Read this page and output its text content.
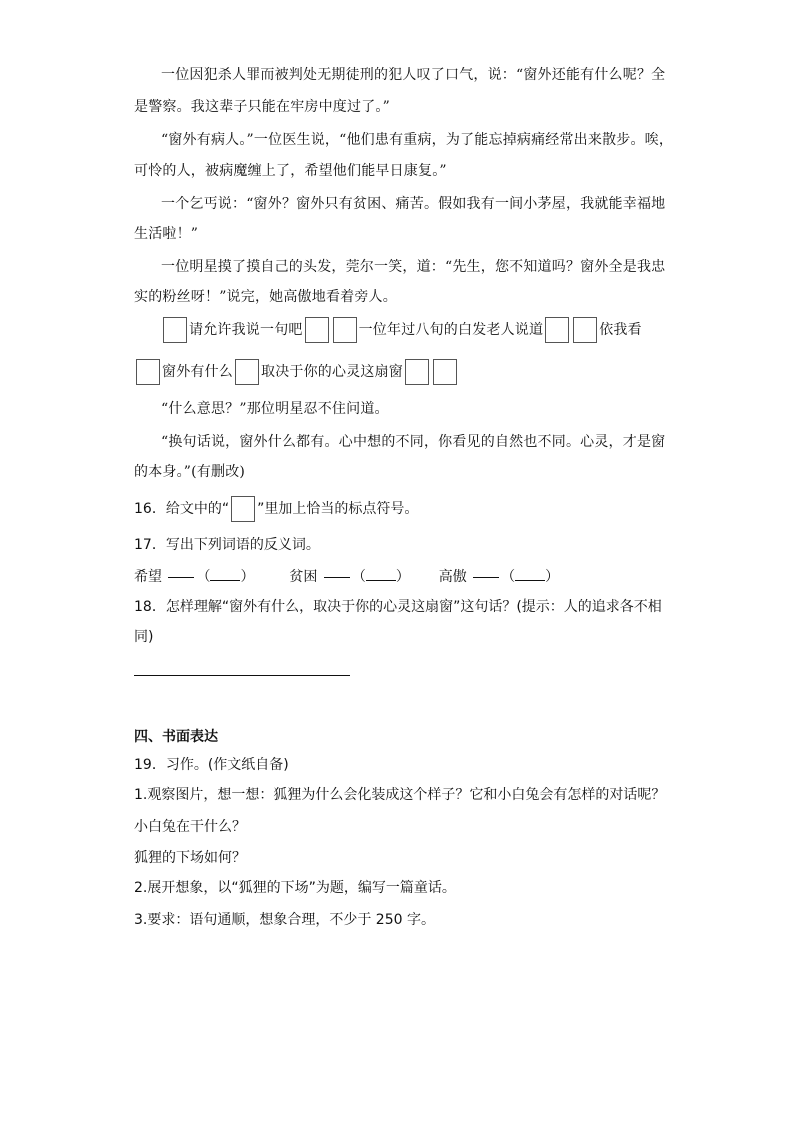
一位因犯杀人罪而被判处无期徒刑的犯人叹了口气，说：“窗外还能有什么呢？全
是警察。我这辈子只能在牢房中度过了。”
“窗外有病人。”一位医生说，“他们患有重病，为了能忘掉病痛经常出来散步。唉，
可怜的人，被病魔缠上了，希望他们能早日康复。”
一个乞丐说：“窗外？窗外只有贫困、痛苦。假如我有一间小茅屋，我就能幸福地
生活啦！”
一位明星摸了摸自己的头发，莞尔一笑，道：“先生，您不知道吗？窗外全是我忠
实的粉丝呀！”说完，她高傲地看着旁人。
请允许我说一句吧	一位年过八旬的白发老人说道	依我看
窗外有什么 取决于你的心灵这扇窗
“什么意思？”那位明星忍不住问道。
“换句话说，窗外什么都有。心中想的不同，你看见的自然也不同。心灵，才是窗
的本身。”(有删改)
16．给文中的“ ”里加上恰当的标点符号。
17．写出下列词语的反义词。
希望 （ ） 贫困 （ ） 高傲 （ ）
18．怎样理解“窗外有什么，取决于你的心灵这扇窗”这句话？(提示：人的追求各不相
同)
四、书面表达
19．习作。(作文纸自备)
1.观察图片，想一想：狐狸为什么会化装成这个样子？它和小白兔会有怎样的对话呢？
小白兔在干什么？
狐狸的下场如何？
2.展开想象，以“狐狸的下场”为题，编写一篇童话。
3.要求：语句通顺，想象合理，不少于 250 字。
